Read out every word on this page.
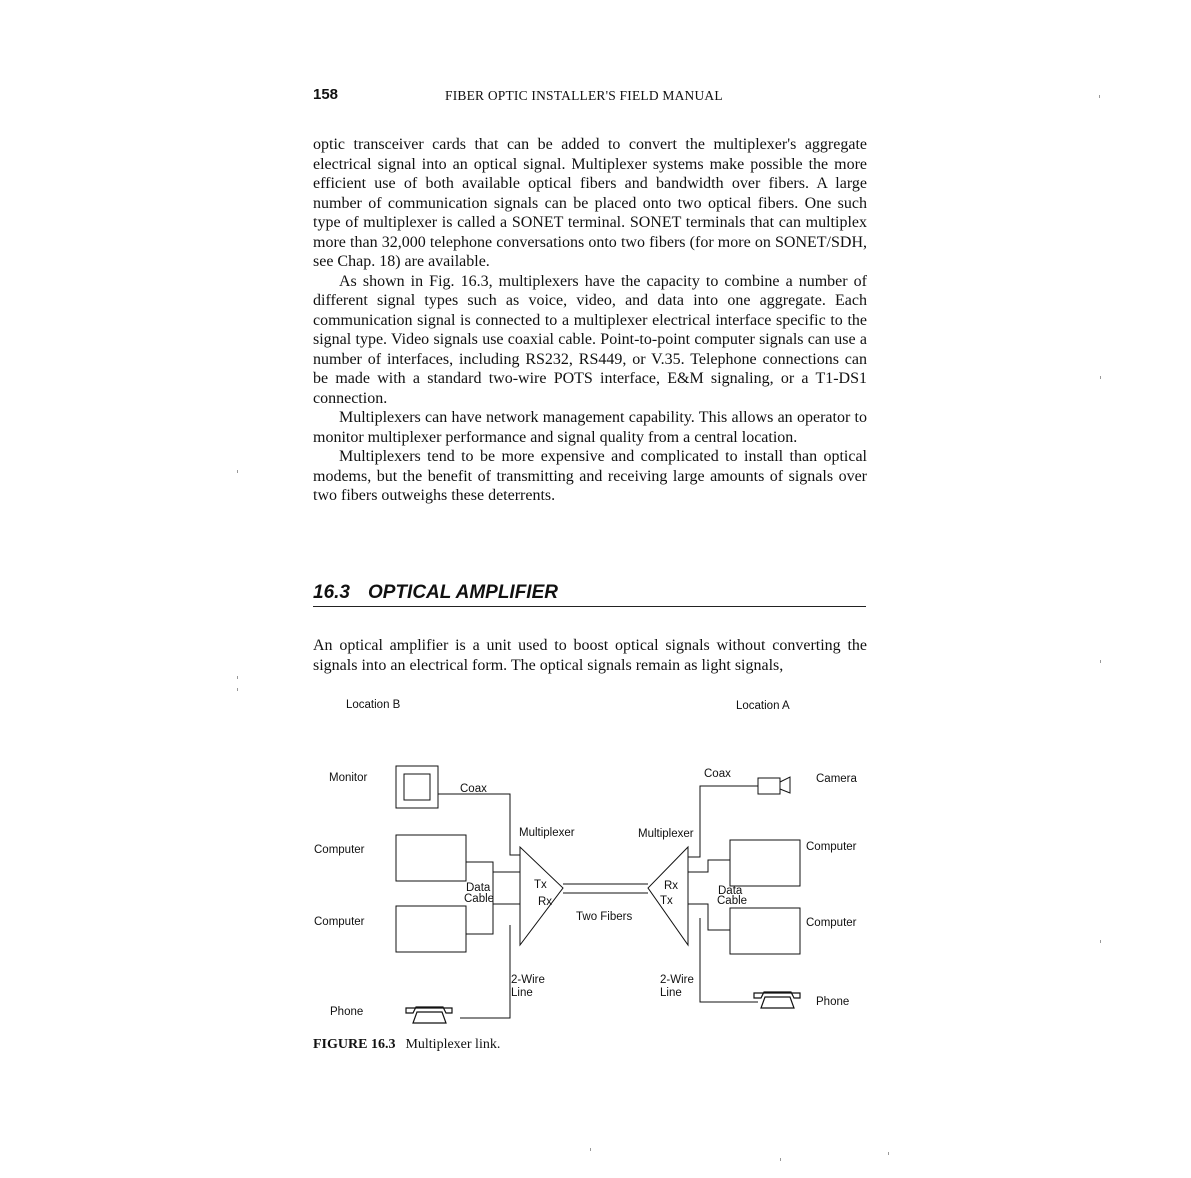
158	FIBER OPTIC INSTALLER'S FIELD MANUAL

optic transceiver cards that can be added to convert the multiplexer's aggregate electrical signal into an optical signal. Multiplexer systems make possible the more efficient use of both available optical fibers and bandwidth over fibers. A large number of communication signals can be placed onto two optical fibers. One such type of multiplexer is called a SONET terminal. SONET terminals that can multiplex more than 32,000 telephone conversations onto two fibers (for more on SONET/SDH, see Chap. 18) are available.

As shown in Fig. 16.3, multiplexers have the capacity to combine a number of different signal types such as voice, video, and data into one aggregate. Each communication signal is connected to a multiplexer electrical interface specific to the signal type. Video signals use coaxial cable. Point-to-point computer signals can use a number of interfaces, including RS232, RS449, or V.35. Telephone connections can be made with a standard two-wire POTS interface, E&M signaling, or a T1-DS1 connection.

Multiplexers can have network management capability. This allows an operator to monitor multiplexer performance and signal quality from a central location.

Multiplexers tend to be more expensive and complicated to install than optical modems, but the benefit of transmitting and receiving large amounts of signals over two fibers outweighs these deterrents.

16.3 OPTICAL AMPLIFIER

An optical amplifier is a unit used to boost optical signals without converting the signals into an electrical form. The optical signals remain as light signals,

Location B	Location A
Monitor
Computer
Computer
Phone
Camera
Computer
Computer
Phone
Coax
Coax
Multiplexer	Multiplexer
Data
Cable
Data
Cable
Tx
Rx
Rx
Tx
Two Fibers
2-Wire
Line
2-Wire
Line
FIGURE 16.3 Multiplexer link.
